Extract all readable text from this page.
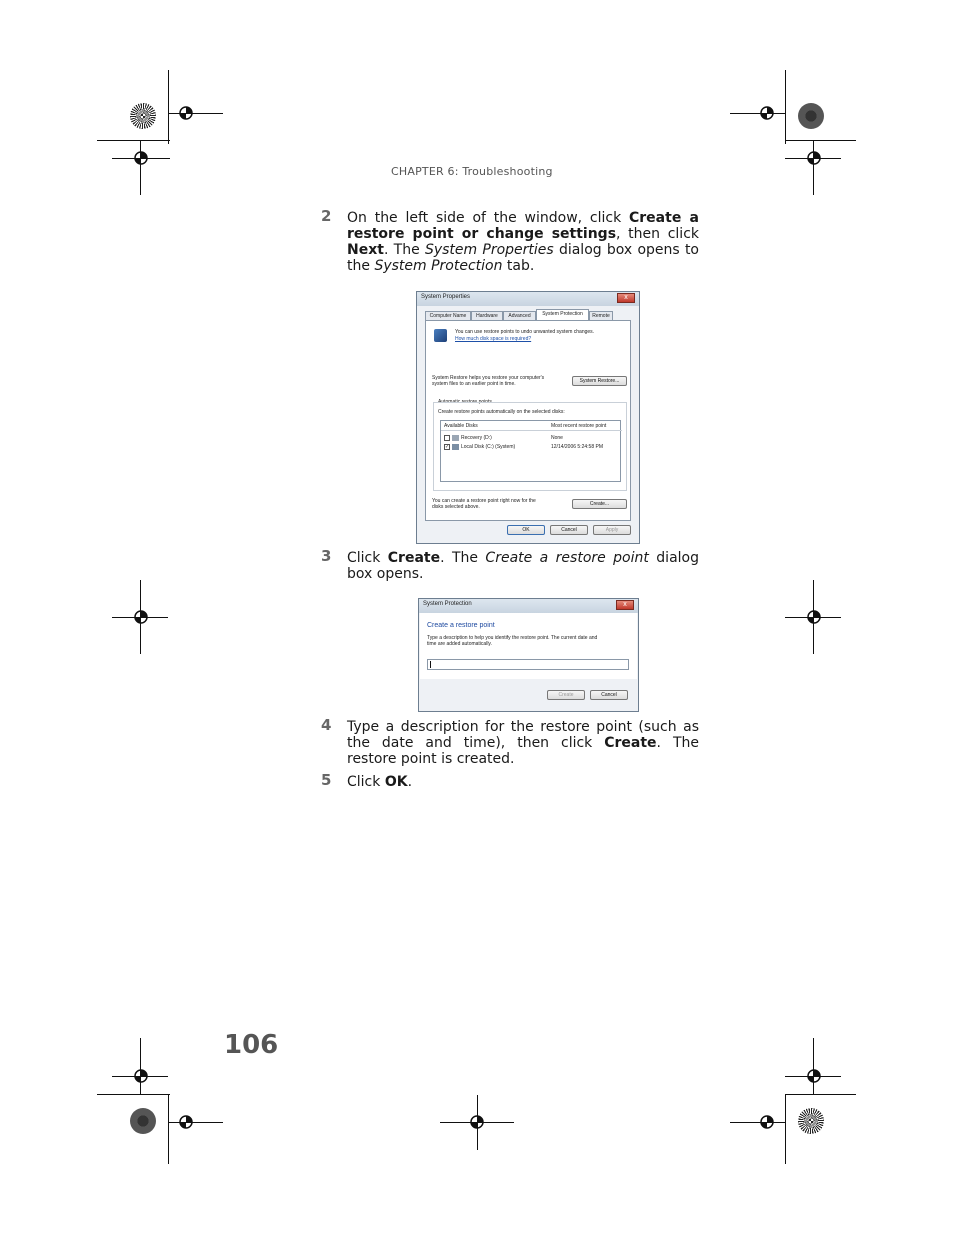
CHAPTER 6: Troubleshooting
2 On the left side of the window, click Create a restore point or change settings, then click Next. The System Properties dialog box opens to the System Protection tab.
System Properties	x
Computer Name	Hardware	Advanced	System Protection	Remote
You can use restore points to undo unwanted system changes.
How much disk space is required?
System Restore helps you restore your computer's
system files to an earlier point in time.	System Restore...
Automatic restore points
Create restore points automatically on the selected disks:
Available Disks	Most recent restore point
Recovery (D:)	None
✓ Local Disk (C:) (System)	12/14/2006 5:24:58 PM
You can create a restore point right now for the
disks selected above.	Create...
OK	Cancel	Apply
3 Click Create. The Create a restore point dialog box opens.
System Protection	x
Create a restore point
Type a description to help you identify the restore point. The current date and
time are added automatically.
Create	Cancel
4 Type a description for the restore point (such as the date and time), then click Create. The restore point is created.
5 Click OK.
106
